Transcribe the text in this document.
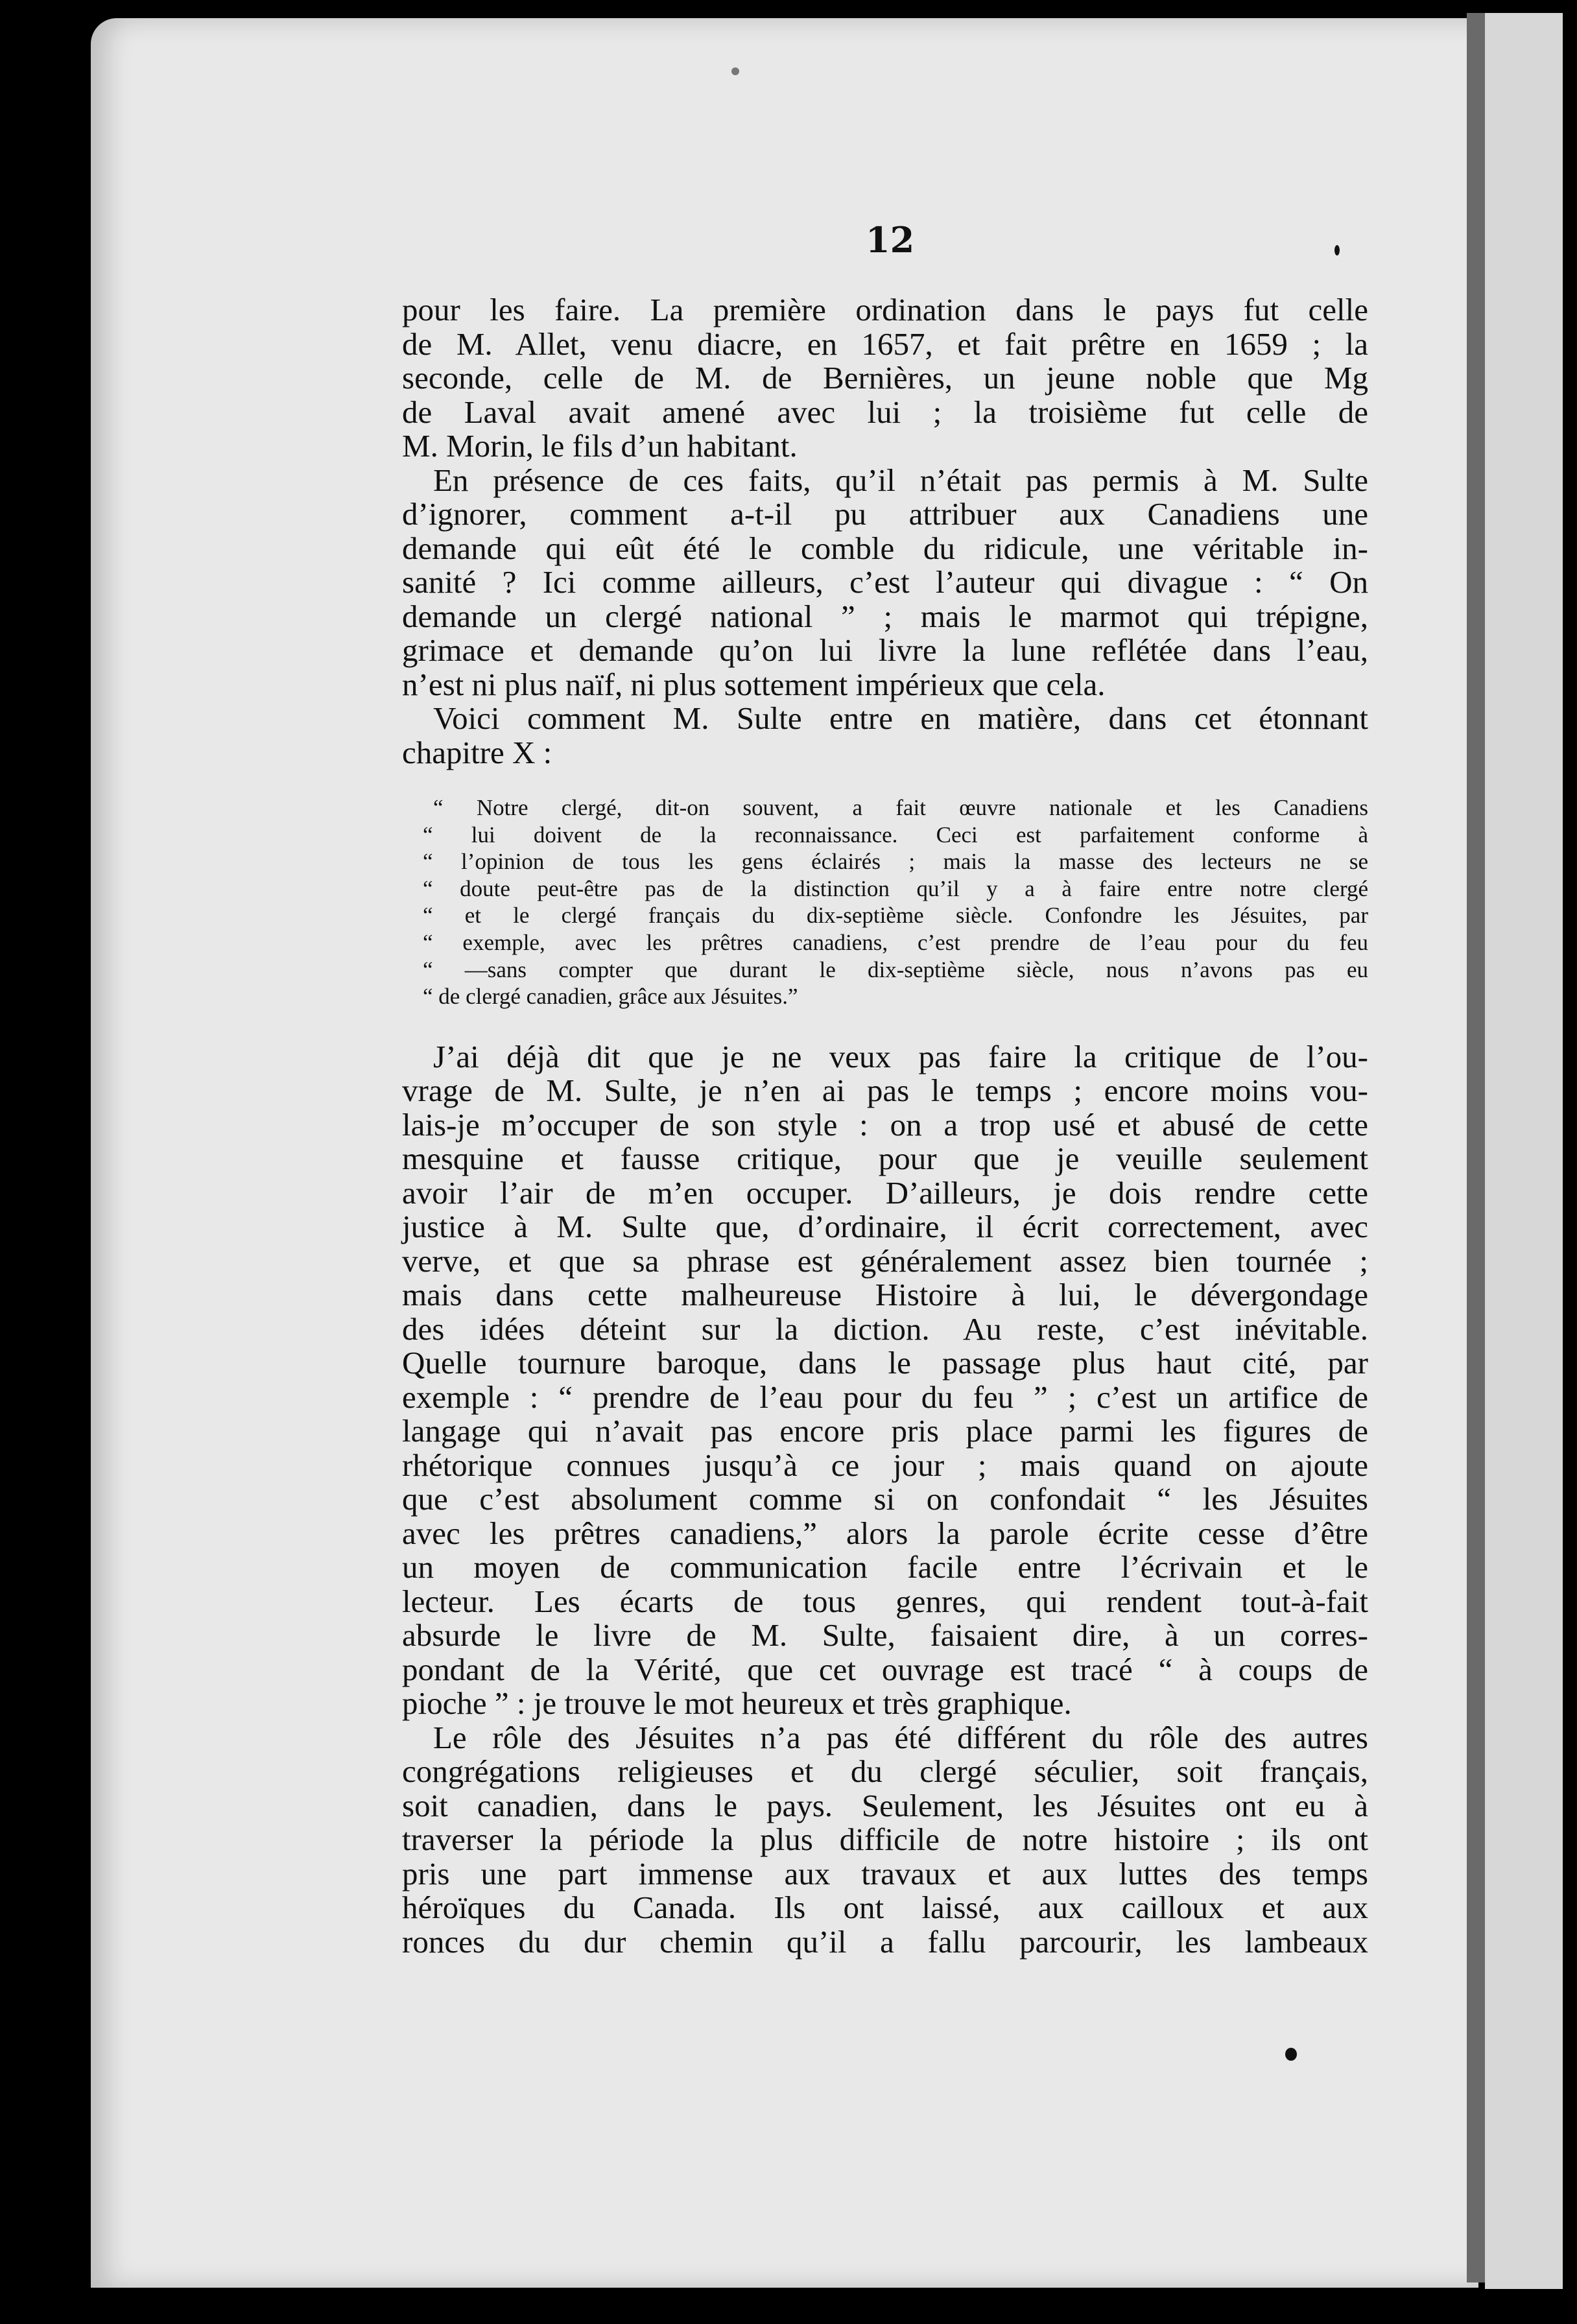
12
pour les faire. La première ordination dans le pays fut celle
de M. Allet, venu diacre, en 1657, et fait prêtre en 1659 ; la
seconde, celle de M. de Bernières, un jeune noble que Mg
de Laval avait amené avec lui ; la troisième fut celle de
M. Morin, le fils d’un habitant.
En présence de ces faits, qu’il n’était pas permis à M. Sulte
d’ignorer, comment a-t-il pu attribuer aux Canadiens une
demande qui eût été le comble du ridicule, une véritable in-
sanité ? Ici comme ailleurs, c’est l’auteur qui divague : “ On
demande un clergé national ” ; mais le marmot qui trépigne,
grimace et demande qu’on lui livre la lune reflétée dans l’eau,
n’est ni plus naïf, ni plus sottement impérieux que cela.
Voici comment M. Sulte entre en matière, dans cet étonnant
chapitre X :
“ Notre clergé, dit-on souvent, a fait œuvre nationale et les Canadiens
“ lui doivent de la reconnaissance. Ceci est parfaitement conforme à
“ l’opinion de tous les gens éclairés ; mais la masse des lecteurs ne se
“ doute peut-être pas de la distinction qu’il y a à faire entre notre clergé
“ et le clergé français du dix-septième siècle. Confondre les Jésuites, par
“ exemple, avec les prêtres canadiens, c’est prendre de l’eau pour du feu
“ —sans compter que durant le dix-septième siècle, nous n’avons pas eu
“ de clergé canadien, grâce aux Jésuites.”
J’ai déjà dit que je ne veux pas faire la critique de l’ou-
vrage de M. Sulte, je n’en ai pas le temps ; encore moins vou-
lais-je m’occuper de son style : on a trop usé et abusé de cette
mesquine et fausse critique, pour que je veuille seulement
avoir l’air de m’en occuper. D’ailleurs, je dois rendre cette
justice à M. Sulte que, d’ordinaire, il écrit correctement, avec
verve, et que sa phrase est généralement assez bien tournée ;
mais dans cette malheureuse Histoire à lui, le dévergondage
des idées déteint sur la diction. Au reste, c’est inévitable.
Quelle tournure baroque, dans le passage plus haut cité, par
exemple : “ prendre de l’eau pour du feu ” ; c’est un artifice de
langage qui n’avait pas encore pris place parmi les figures de
rhétorique connues jusqu’à ce jour ; mais quand on ajoute
que c’est absolument comme si on confondait “ les Jésuites
avec les prêtres canadiens,” alors la parole écrite cesse d’être
un moyen de communication facile entre l’écrivain et le
lecteur. Les écarts de tous genres, qui rendent tout-à-fait
absurde le livre de M. Sulte, faisaient dire, à un corres-
pondant de la Vérité, que cet ouvrage est tracé “ à coups de
pioche ” : je trouve le mot heureux et très graphique.
Le rôle des Jésuites n’a pas été différent du rôle des autres
congrégations religieuses et du clergé séculier, soit français,
soit canadien, dans le pays. Seulement, les Jésuites ont eu à
traverser la période la plus difficile de notre histoire ; ils ont
pris une part immense aux travaux et aux luttes des temps
héroïques du Canada. Ils ont laissé, aux cailloux et aux
ronces du dur chemin qu’il a fallu parcourir, les lambeaux
